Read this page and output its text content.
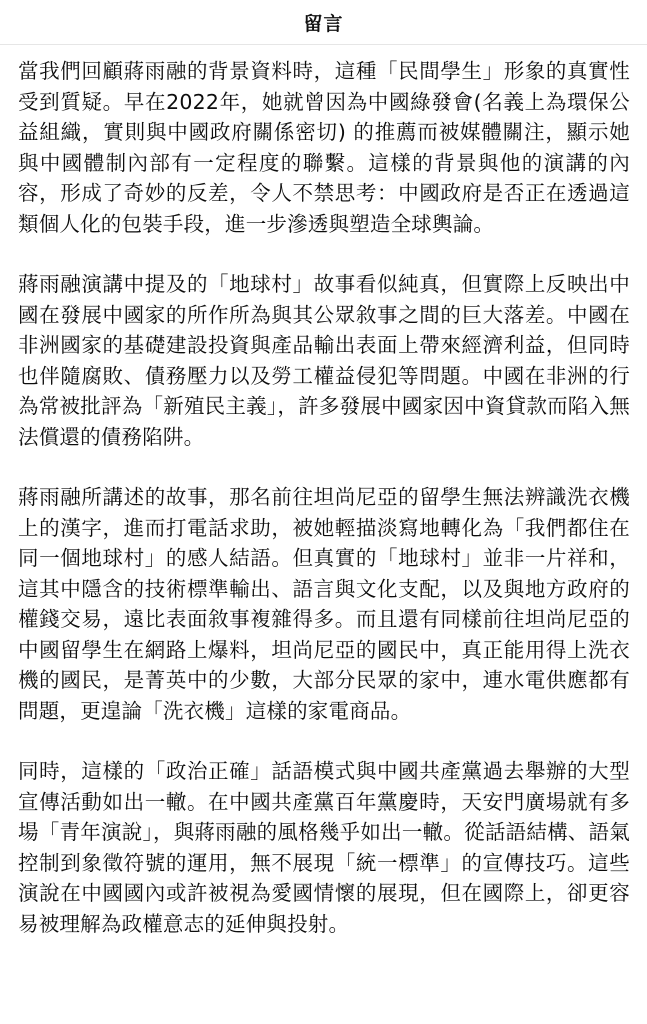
留言

當我們回顧蔣雨融的背景資料時，這種「民間學生」形象的真實性受到質疑。早在2022年，她就曾因為中國綠發會(名義上為環保公益組織，實則與中國政府關係密切) 的推薦而被媒體關注，顯示她與中國體制內部有一定程度的聯繫。這樣的背景與他的演講的內容，形成了奇妙的反差，令人不禁思考：中國政府是否正在透過這類個人化的包裝手段，進一步滲透與塑造全球輿論。

蔣雨融演講中提及的「地球村」故事看似純真，但實際上反映出中國在發展中國家的所作所為與其公眾敘事之間的巨大落差。中國在非洲國家的基礎建設投資與產品輸出表面上帶來經濟利益，但同時也伴隨腐敗、債務壓力以及勞工權益侵犯等問題。中國在非洲的行為常被批評為「新殖民主義」，許多發展中國家因中資貸款而陷入無法償還的債務陷阱。

蔣雨融所講述的故事，那名前往坦尚尼亞的留學生無法辨識洗衣機上的漢字，進而打電話求助，被她輕描淡寫地轉化為「我們都住在同一個地球村」的感人結語。但真實的「地球村」並非一片祥和，這其中隱含的技術標準輸出、語言與文化支配，以及與地方政府的權錢交易，遠比表面敘事複雜得多。而且還有同樣前往坦尚尼亞的中國留學生在網路上爆料，坦尚尼亞的國民中，真正能用得上洗衣機的國民，是菁英中的少數，大部分民眾的家中，連水電供應都有問題，更遑論「洗衣機」這樣的家電商品。

同時，這樣的「政治正確」話語模式與中國共產黨過去舉辦的大型宣傳活動如出一轍。在中國共產黨百年黨慶時，天安門廣場就有多場「青年演說」，與蔣雨融的風格幾乎如出一轍。從話語結構、語氣控制到象徵符號的運用，無不展現「統一標準」的宣傳技巧。這些演說在中國國內或許被視為愛國情懷的展現，但在國際上，卻更容易被理解為政權意志的延伸與投射。
